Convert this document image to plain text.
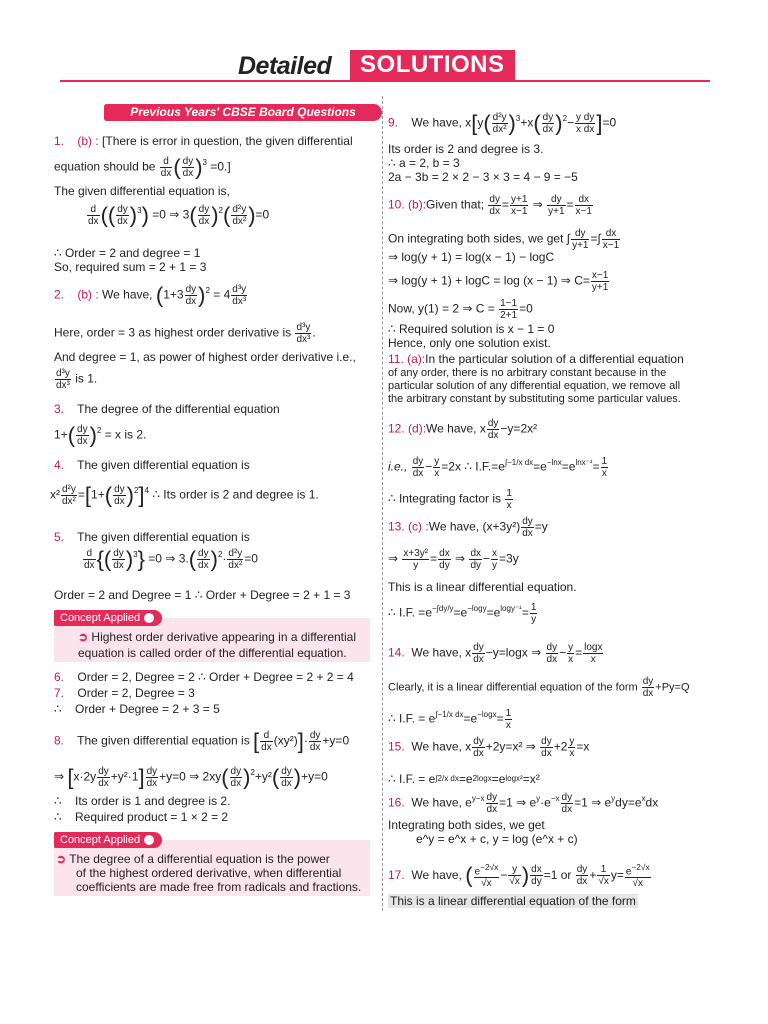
Detailed	SOLUTIONS
Previous Years' CBSE Board Questions
1. (b) : [There is error in question, the given differential
equation should be $\frac{d}{dx}$ ( $\frac{dy}{dx} )^3 =0$.]
The given differential equation is,
$\frac{d}{dx}$ (( $\frac{dy}{dx} )^3) =0$ ⇒ $3( \frac{dy}{dx} )^2( \frac{\text{d²y}}{\text{dx²}} )=0$
∴ Order = 2 and degree = 1
So, required sum = 2 + 1 = 3
2. (b) : We have, $(1+3 \frac{dy}{dx} )^2 = 4 \frac{\text{d³y}}{\text{dx³}}$
Here, order = 3 as highest order derivative is $\frac{\text{d³y}}{\text{dx³}}$ .
And degree = 1, as power of highest order derivative i.e.,
$\frac{\text{d³y}}{\text{dx³}}$ is 1.
3. The degree of the differential equation
$1+( \frac{dy}{dx} )^2 = x$ is 2.
4. The given differential equation is
$x^2 \frac{\text{d²y}}{\text{dx²}} =[1+( \frac{dy}{dx} )^2]^4$ ∴ Its order is 2 and degree is 1.
5. The given differential equation is
$\frac{d}{dx}$ {( $\frac{dy}{dx} )^3\} =0$ ⇒ $3.( \frac{dy}{dx} )^2\cdot \frac{\text{d²y}}{\text{dx²}} =0$
Order = 2 and Degree = 1 ∴ Order + Degree = 2 + 1 = 3
➲ Highest order derivative appearing in a differential
equation is called order of the differential equation.
Concept Applied
6. Order = 2, Degree = 2 ∴ Order + Degree = 2 + 2 = 4
7. Order = 2, Degree = 3
∴    Order + Degree = 2 + 3 = 5
8. The given differential equation is [ $\frac{d}{dx} (xy^2)]\cdot \frac{dy}{dx} +y=0$
⇒ $[x\cdot 2y \frac{dy}{dx} +y^2\cdot 1] \frac{dy}{dx} +y=0$ ⇒ $2xy( \frac{dy}{dx} )^2+y^2( \frac{dy}{dx} )+y=0$
∴    Its order is 1 and degree is 2.
∴    Required product = 1 × 2 = 2
➲ The degree of a differential equation is the power
of the highest ordered derivative, when differential
coefficients are made free from radicals and fractions.
Concept Applied
9. We have, $x[y( \frac{\text{d²y}}{\text{dx²}} )^3+x( \frac{dy}{dx} )^2- \frac{\text{y dy}}{\text{x dx}} ]=0$
Its order is 2 and degree is 3.
∴ a = 2, b = 3
2a − 3b = 2 × 2 − 3 × 3 = 4 − 9 = −5
10. (b):Given that; $\frac{dy}{dx} = \frac{y+1}{x-1}$ ⇒ $\frac{dy}{y+1} = \frac{dx}{x-1}$
On integrating both sides, we get ∫ $\frac{dy}{y+1}$ =∫ $\frac{dx}{x-1}$
⇒ log(y + 1) = log(x − 1) − logC
⇒ log(y + 1) + logC = log (x − 1) ⇒ $C= \frac{x-1}{y+1}$
Now, y(1) = 2 ⇒ $C = \frac{1-1}{2+1} =0$
∴ Required solution is x − 1 = 0
Hence, only one solution exist.
11. (a):In the particular solution of a differential equation
of any order, there is no arbitrary constant because in the
particular solution of any differential equation, we remove all
the arbitrary constant by substituting some particular values.
12. (d):We have, x $\frac{dy}{dx} -y=2x^2$
i.e., $\frac{dy}{dx} - \frac{y}{x} =2x$ ∴ $I.F.=e^{\int-1/x dx}=e^{-lnx}=e^{lnx^{-1}}= \frac{1}{x}$
∴ Integrating factor is $\frac{1}{x}$
13. (c) :We have, $(x+3y^2) \frac{dy}{dx} =y$
⇒ $\frac{\text{x+3y²}}{y} = \frac{dx}{dy}$ ⇒ $\frac{dx}{dy} - \frac{x}{y} =3y$
This is a linear differential equation.
∴ I.F. $=e^{-\int dy/y}=e^{-logy}=e^{logy^{-1}}= \frac{1}{y}$
14. We have, x $\frac{dy}{dx} -y=\log x$ ⇒ $\frac{dy}{dx} - \frac{y}{x} = \frac{\log x}{x}$
Clearly, it is a linear differential equation of the form $\frac{dy}{dx} +Py=Q$
∴ I.F. = $e^{\int-1/x dx}=e^{-logx}= \frac{1}{x}$
15. We have, x $\frac{dy}{dx} +2y=x^2$ ⇒ $\frac{dy}{dx} +2 \frac{y}{x} =x$
∴ I.F. = $e^{\int 2/x dx}=e^{2logx}=e^{logx^2}=x^2$
16. We have, $e^{y-x} \frac{dy}{dx} =1$ ⇒ $e^y\cdot e^{-x} \frac{dy}{dx} =1$ ⇒ $e^ydy=e^xdx$
Integrating both sides, we get
e^y = e^x + c, y = log (e^x + c)
17. We have, ( $\frac{e^{-2√x}}{√x} - \frac{y}{√x}$ ) $\frac{dx}{dy} =1$ or $\frac{dy}{dx} + \frac{1}{√x} y= \frac{e^{-2√x}}{√x}$
This is a linear differential equation of the form
